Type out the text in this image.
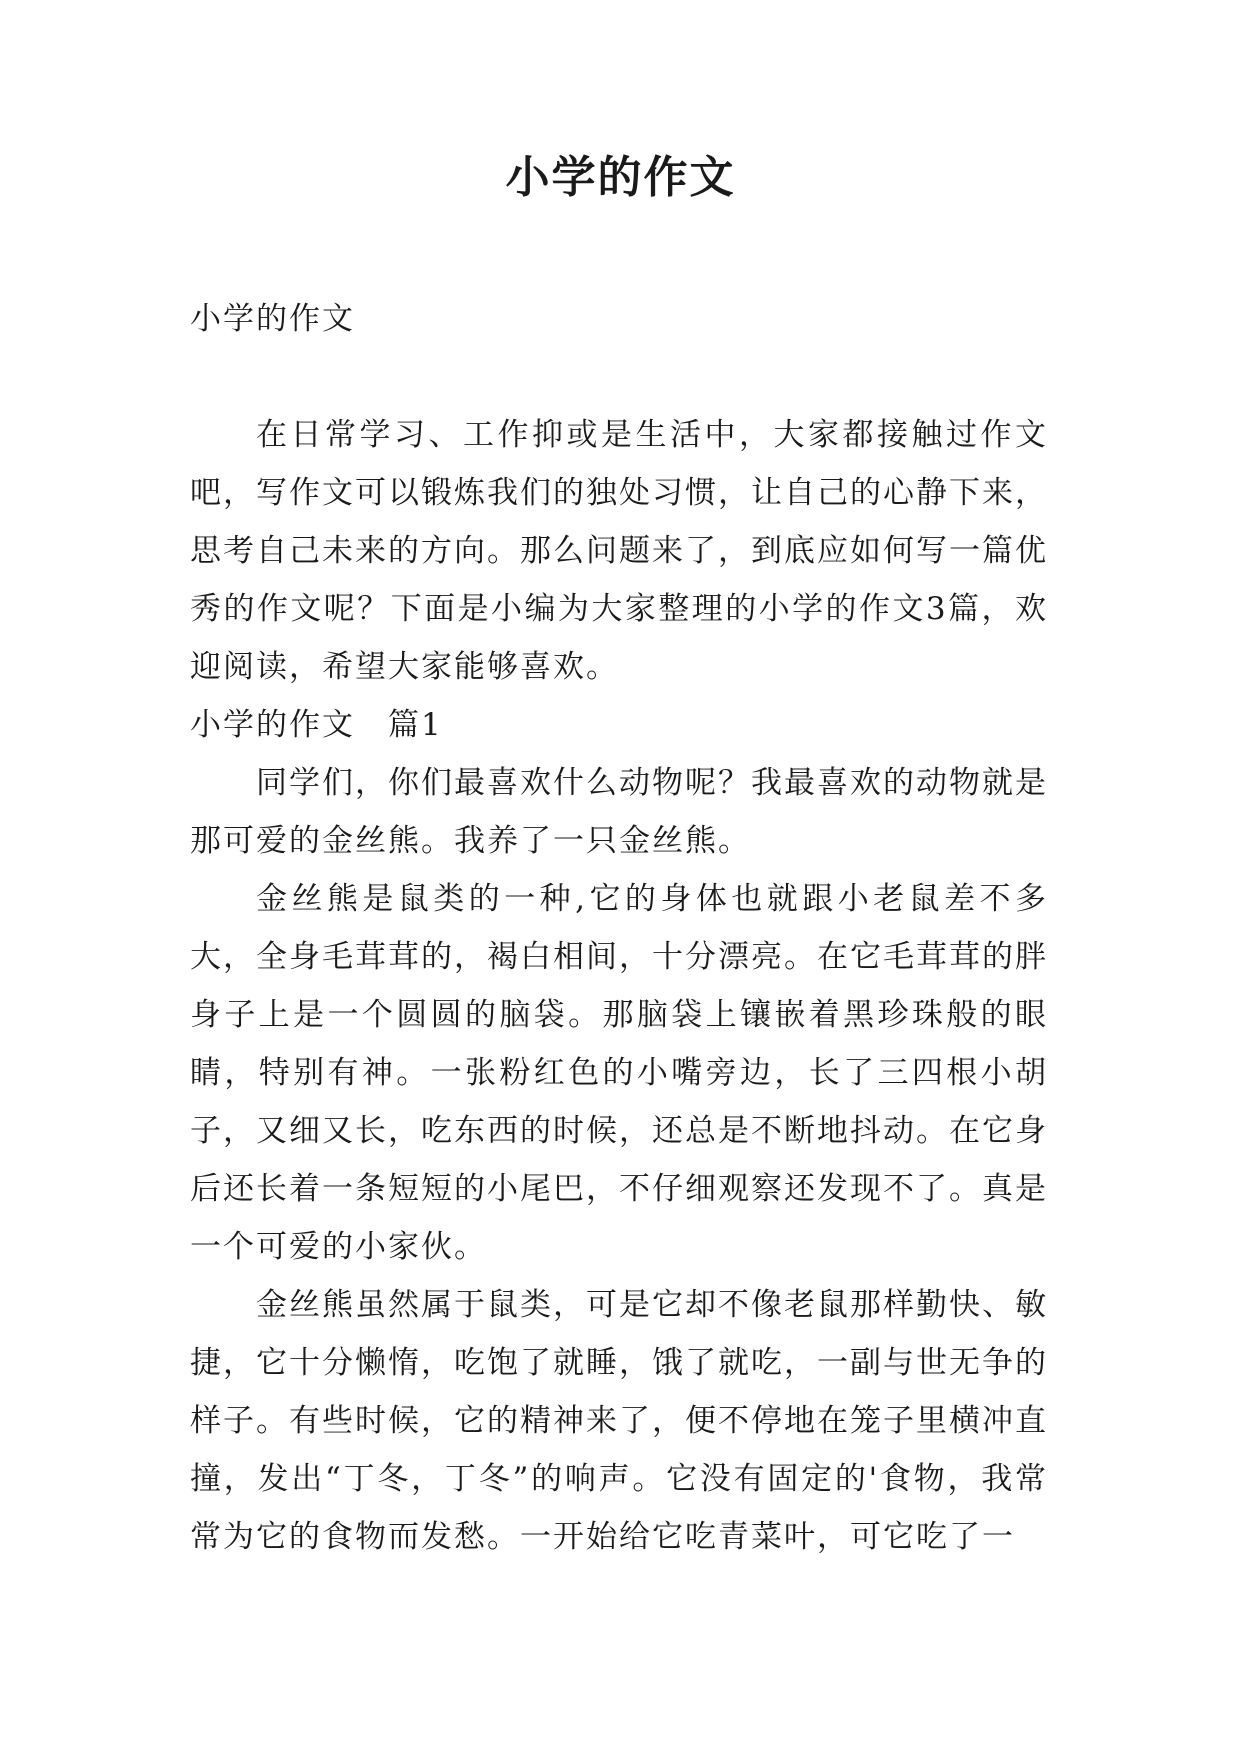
小学的作文

小学的作文

在日常学习、工作抑或是生活中，大家都接触过作文吧，写作文可以锻炼我们的独处习惯，让自己的心静下来，思考自己未来的方向。那么问题来了，到底应如何写一篇优秀的作文呢？下面是小编为大家整理的小学的作文3篇，欢迎阅读，希望大家能够喜欢。

小学的作文　篇1

同学们，你们最喜欢什么动物呢？我最喜欢的动物就是那可爱的金丝熊。我养了一只金丝熊。

金丝熊是鼠类的一种,它的身体也就跟小老鼠差不多大，全身毛茸茸的，褐白相间，十分漂亮。在它毛茸茸的胖身子上是一个圆圆的脑袋。那脑袋上镶嵌着黑珍珠般的眼睛，特别有神。一张粉红色的小嘴旁边，长了三四根小胡子，又细又长，吃东西的时候，还总是不断地抖动。在它身后还长着一条短短的小尾巴，不仔细观察还发现不了。真是一个可爱的小家伙。

金丝熊虽然属于鼠类，可是它却不像老鼠那样勤快、敏捷，它十分懒惰，吃饱了就睡，饿了就吃，一副与世无争的样子。有些时候，它的精神来了，便不停地在笼子里横冲直撞，发出“丁冬，丁冬”的响声。它没有固定的'食物，我常常为它的食物而发愁。一开始给它吃青菜叶，可它吃了一
